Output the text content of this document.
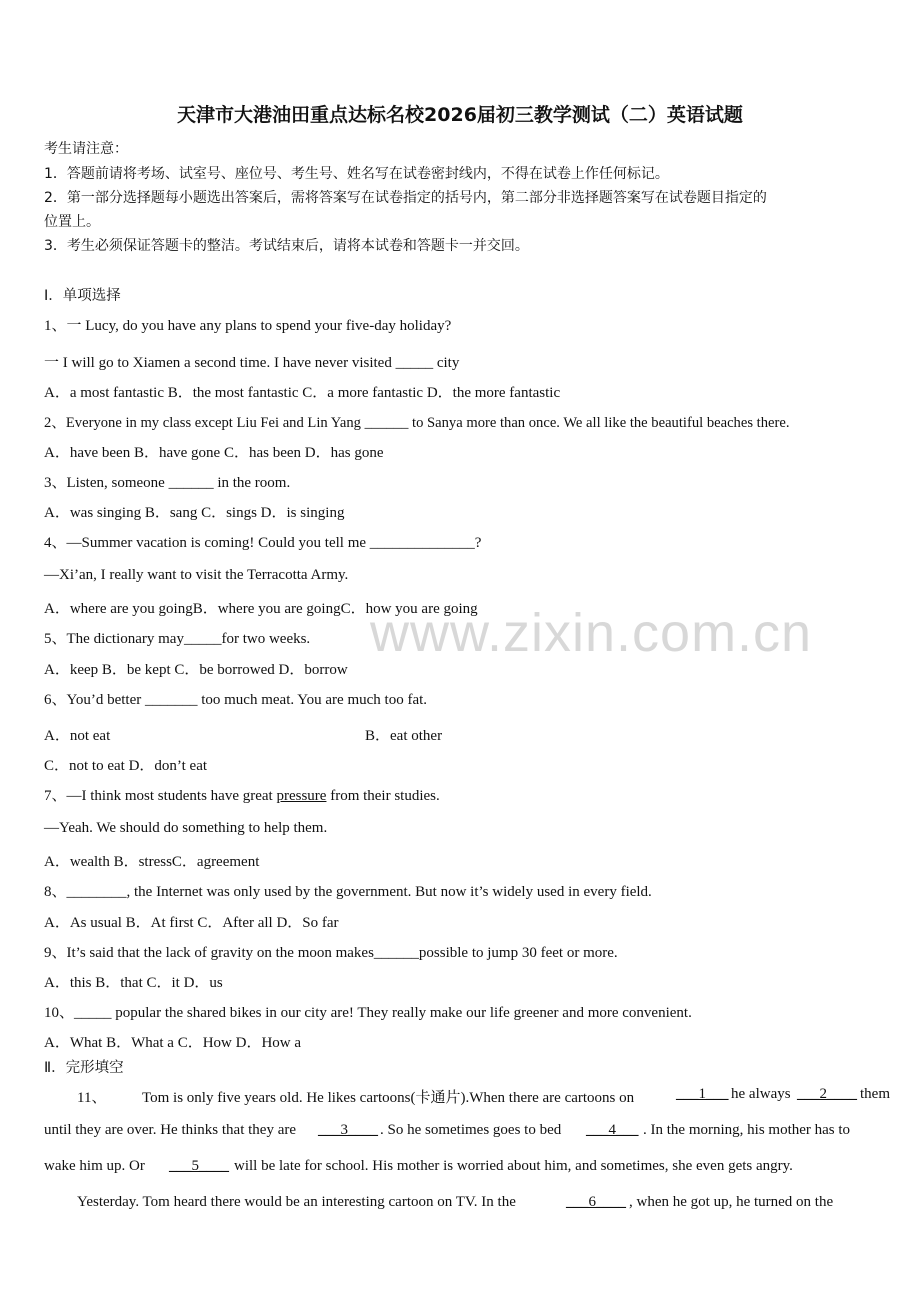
天津市大港油田重点达标名校2026届初三教学测试（二）英语试题
考生请注意：
1．答题前请将考场、试室号、座位号、考生号、姓名写在试卷密封线内，不得在试卷上作任何标记。
2．第一部分选择题每小题选出答案后，需将答案写在试卷指定的括号内，第二部分非选择题答案写在试卷题目指定的
位置上。
3．考生必须保证答题卡的整洁。考试结束后，请将本试卷和答题卡一并交回。
www.zixin.com.cn
Ⅰ．单项选择
1、一 Lucy, do you have any plans to spend your five-day holiday?
一 I will go to Xiamen a second time. I have never visited _____ city
A．a most fantastic B．the most fantastic C．a more fantastic D．the more fantastic
2、Everyone in my class except Liu Fei and Lin Yang ______ to Sanya more than once. We all like the beautiful beaches there.
A．have been B．have gone C．has been D．has gone
3、Listen, someone ______ in the room.
A．was singing B．sang C．sings D．is singing
4、—Summer vacation is coming! Could you tell me ______________?
—Xi’an, I really want to visit the Terracotta Army.
A．where are you goingB．where you are goingC．how you are going
5、The dictionary may_____for two weeks.
A．keep B．be kept C．be borrowed D．borrow
6、You’d better _______ too much meat. You are much too fat.
A．not eat	B．eat other
C．not to eat D．don’t eat
7、—I think most students have great pressure from their studies.
—Yeah. We should do something to help them.
A．wealth B．stressC．agreement
8、________, the Internet was only used by the government. But now it’s widely used in every field.
A．As usual B．At first C．After all D．So far
9、It’s said that the lack of gravity on the moon makes______possible to jump 30 feet or more.
A．this B．that C．it D．us
10、_____ popular the shared bikes in our city are! They really make our life greener and more convenient.
A．What B．What a C．How D．How a
Ⅱ．完形填空
11、 Tom is only five years old. He likes cartoons(卡通片).When there are cartoons on	___1___ he always ___2____ them
until they are over. He thinks that they are ___3____ . So he sometimes goes to bed ___4___ . In the morning, his mother has to
wake him up. Or ___5____ will be late for school. His mother is worried about him, and sometimes, she even gets angry.
Yesterday. Tom heard there would be an interesting cartoon on TV. In the	___6____ , when he got up, he turned on the
